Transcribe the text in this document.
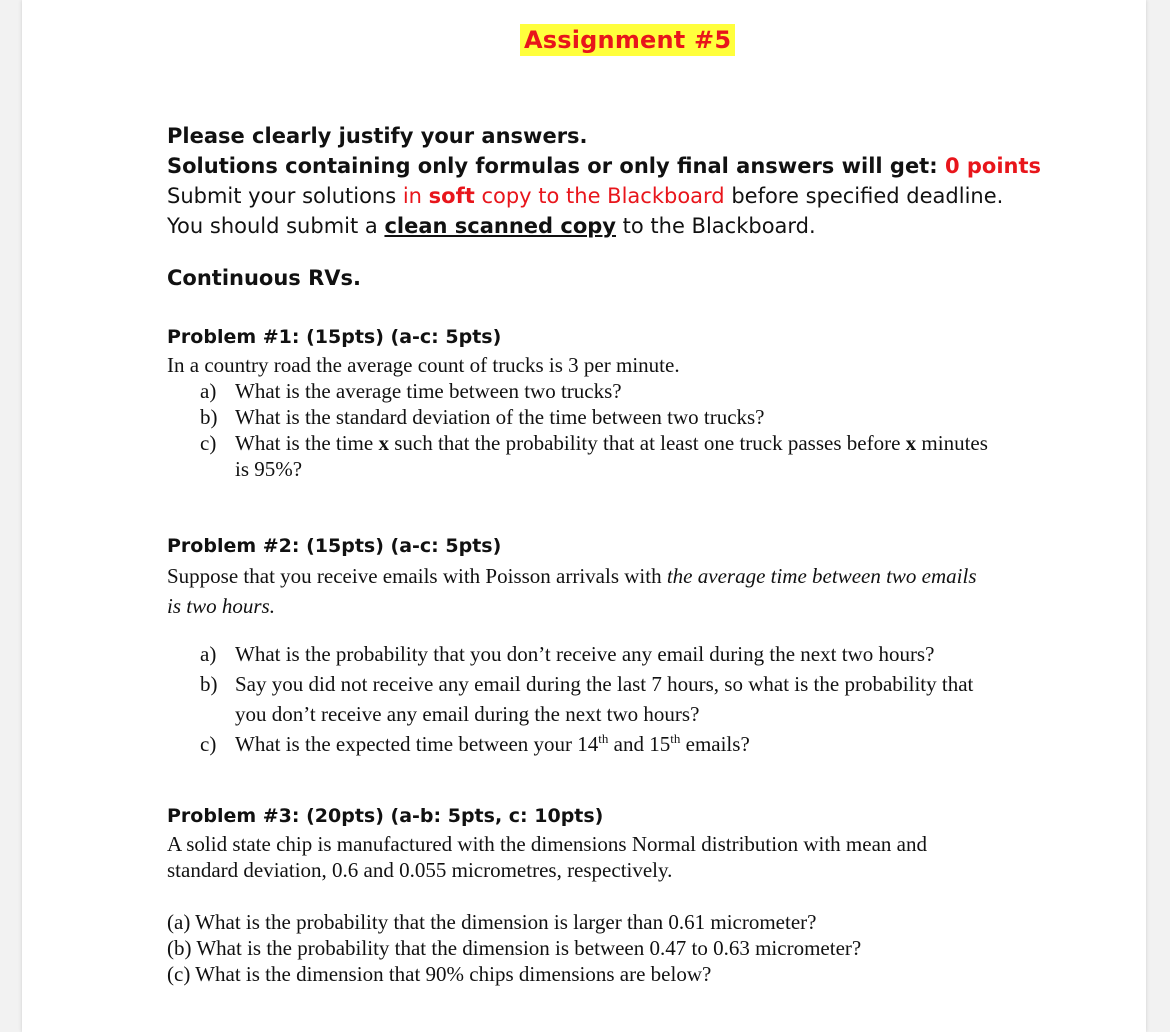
Assignment #5
Please clearly justify your answers.
Solutions containing only formulas or only final answers will get: 0 points
Submit your solutions in soft copy to the Blackboard before specified deadline.
You should submit a clean scanned copy to the Blackboard.
Continuous RVs.
Problem #1: (15pts) (a-c: 5pts)
In a country road the average count of trucks is 3 per minute.
a) What is the average time between two trucks?
b) What is the standard deviation of the time between two trucks?
c) What is the time x such that the probability that at least one truck passes before x minutes
is 95%?
Problem #2: (15pts) (a-c: 5pts)
Suppose that you receive emails with Poisson arrivals with the average time between two emails
is two hours.
a) What is the probability that you don’t receive any email during the next two hours?
b) Say you did not receive any email during the last 7 hours, so what is the probability that
you don’t receive any email during the next two hours?
c) What is the expected time between your 14th and 15th emails?
Problem #3: (20pts) (a-b: 5pts, c: 10pts)
A solid state chip is manufactured with the dimensions Normal distribution with mean and
standard deviation, 0.6 and 0.055 micrometres, respectively.
(a) What is the probability that the dimension is larger than 0.61 micrometer?
(b) What is the probability that the dimension is between 0.47 to 0.63 micrometer?
(c) What is the dimension that 90% chips dimensions are below?
